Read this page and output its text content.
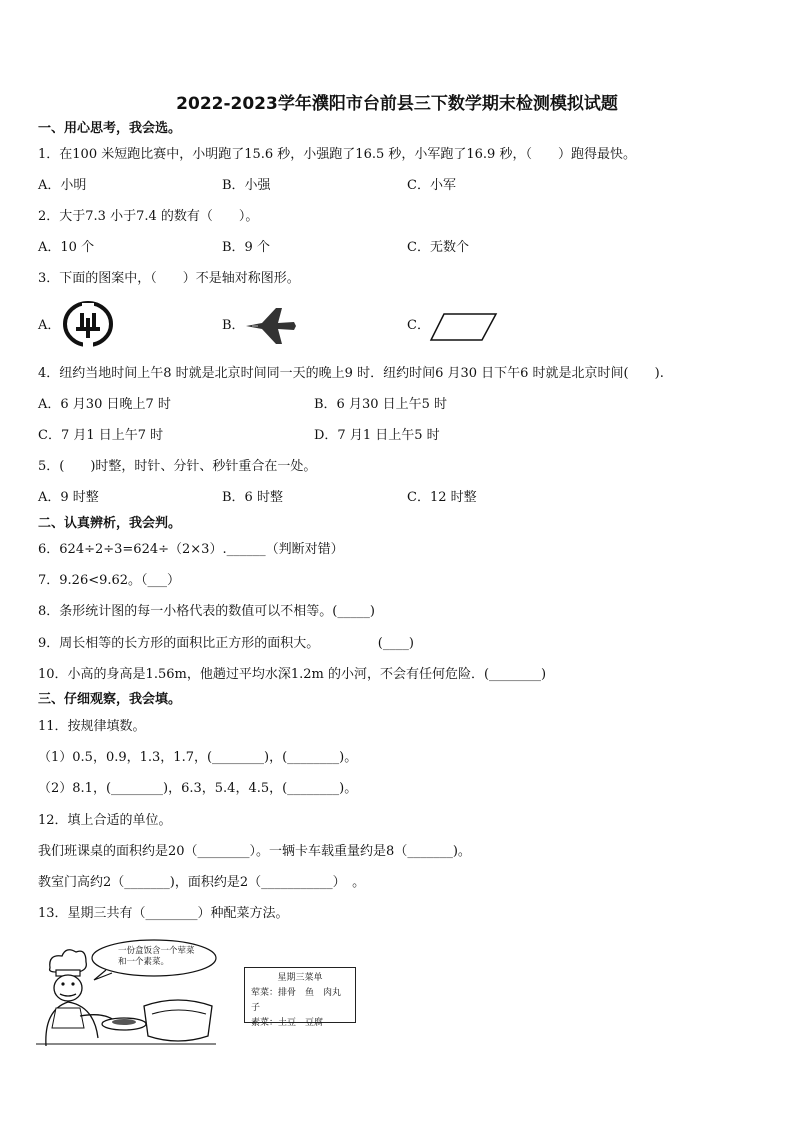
2022-2023学年濮阳市台前县三下数学期末检测模拟试题
一、用心思考，我会选。
1．在100 米短跑比赛中，小明跑了15.6 秒，小强跑了16.5 秒，小军跑了16.9 秒，（　　）跑得最快。
A．小明	B．小强	C．小军
2．大于7.3 小于7.4 的数有（　　）。
A．10 个	B．9 个	C．无数个
3．下面的图案中，（　　）不是轴对称图形。
A．	B．	C．
4．纽约当地时间上午8 时就是北京时间同一天的晚上9 时．纽约时间6 月30 日下午6 时就是北京时间(　　).
A．6 月30 日晚上7 时	B．6 月30 日上午5 时
C．7 月1 日上午7 时	D．7 月1 日上午5 时
5．(　　)时整，时针、分针、秒针重合在一处。
A．9 时整	B．6 时整	C．12 时整
二、认真辨析，我会判。
6．624÷2÷3=624÷（2×3）.______（判断对错）
7．9.26<9.62。（___）
8．条形统计图的每一小格代表的数值可以不相等。(_____)
9．周长相等的长方形的面积比正方形的面积大。　　　　　(____)
10．小高的身高是1.56m，他趟过平均水深1.2m 的小河，不会有任何危险．(________)
三、仔细观察，我会填。
11．按规律填数。
（1）0.5，0.9，1.3，1.7，(________)，(________)。
（2）8.1，(________)，6.3，5.4，4.5，(________)。
12．填上合适的单位。
我们班课桌的面积约是20（________）。一辆卡车载重量约是8（_______)。
教室门高约2（_______)，面积约是2（___________）　。
13．星期三共有（________）种配菜方法。
一份盒饭含一个荤菜和一个素菜。
星期三菜单
荤菜：排骨　鱼　肉丸子
素菜：土豆　豆腐
